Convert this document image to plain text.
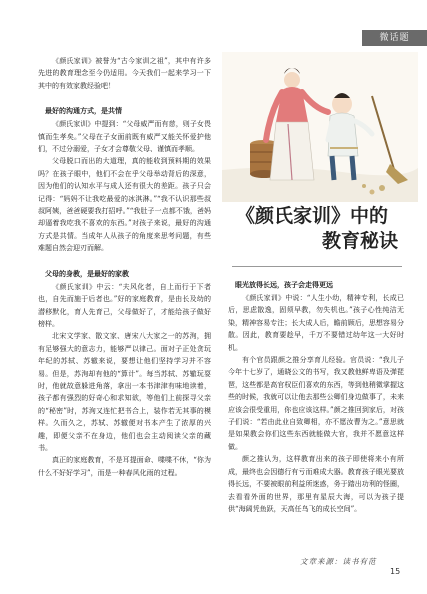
微话题

《颜氏家训》被誉为“古今家训之祖”，其中有许多先进的教育理念至今仍适用。今天我们一起来学习一下其中的有效家教经验吧！

最好的沟通方式，是共情

《颜氏家训》中提到：“父母威严而有慈，则子女畏慎而生孝矣。”父母在子女面前既有威严又能关怀爱护他们，不过分溺爱，子女才会尊敬父母、谨慎而孝顺。

父母脱口而出的大道理，真的能收到预料期的效果吗？在孩子眼中，他们不会在乎父母举动背后的深意，因为他们的认知水平与成人还有很大的差距。孩子只会记得：“妈妈不让我吃最爱的冰淇淋。”“我不认识那些叔叔阿姨，爸爸硬要我打招呼。”“我肚子一点都不饿，爸妈却逼着我吃我不喜欢的东西。”对孩子来说，最好的沟通方式是共情。当成年人从孩子的角度来思考问题，有些难题自然会迎刃而解。

父母的身教，是最好的家教

《颜氏家训》中云：“夫风化者，自上而行于下者也，自先而施于后者也。”好的家庭教育，是由长及幼的潜移默化，育人先育己，父母做好了，才能给孩子做好榜样。

北宋文学家、散文家、唐宋八大家之一的苏洵，拥有足够强大的意志力，能够严以律己。面对子正处贪玩年纪的苏轼、苏辙来说，要想让他们坚持学习并不容易。但是，苏洵却有他的“算计”。每当苏轼、苏辙玩耍时，他就故意躲进角落，拿出一本书津津有味地读着，孩子都有强烈的好奇心和求知欲，等他们上前探寻父亲的“秘密”时，苏洵又连忙把书合上，装作若无其事的模样。久而久之，苏轼、苏辙便对书本产生了浓厚的兴趣，即便父亲不在身边，他们也会主动阅读父亲的藏书。

真正的家庭教育，不是耳提面命、喋喋不休，“你为什么不好好学习”，而是一种春风化雨的过程。

《颜氏家训》中的
教育秘诀

眼光放得长远，孩子会走得更远

《颜氏家训》中说：“人生小幼，精神专利，长成已后，思虑散逸，固须早教，勿失机也。”孩子心性纯洁无染，精神容易专注；长大成人后，瞻前顾后，思想容易分散。因此，教育要趁早，千万不要错过幼年这一大好时机。

有个官员跟颜之推分享育儿经验。官员说：“我儿子今年十七岁了，通晓公文的书写，我又教他鲜卑语及弹琵琶，这些都是高官权臣们喜欢的东西，等到他稍微掌握这些的时候，我就可以让他去那些公卿们身边做事了，未来应该会很受重用，你也应该这样。”颜之推回到家后，对孩子们说：“若由此业自致卿相，亦不愿汝曹为之。”意思就是如果教会你们这些东西就能做大官，我并不愿意这样做。

颜之推认为，这样教育出来的孩子即使将来小有所成，最终也会因德行有亏而难成大器。教育孩子眼光要放得长远，不要被眼前利益所迷惑，务于踏出功利的怪圈，去看看外面的世界，那里有星辰大海，可以为孩子提供“海阔凭鱼跃，天高任鸟飞的成长空间”。

文章来源：读书有范
15
